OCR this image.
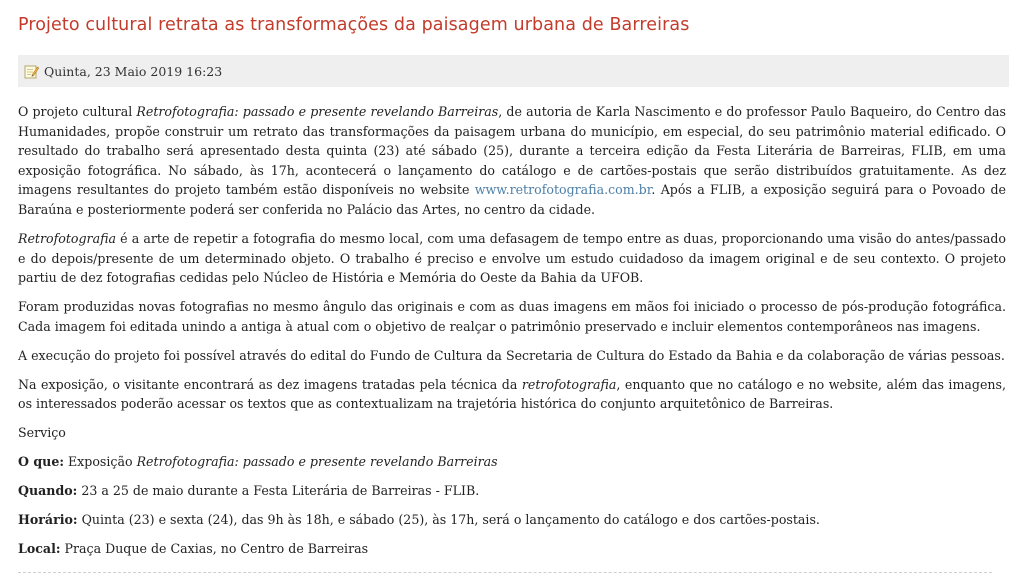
Projeto cultural retrata as transformações da paisagem urbana de Barreiras
Quinta, 23 Maio 2019 16:23

O projeto cultural Retrofotografia: passado e presente revelando Barreiras, de autoria de Karla Nascimento e do professor Paulo Baqueiro, do Centro das Humanidades, propõe construir um retrato das transformações da paisagem urbana do município, em especial, do seu patrimônio material edificado. O resultado do trabalho será apresentado desta quinta (23) até sábado (25), durante a terceira edição da Festa Literária de Barreiras, FLIB, em uma exposição fotográfica. No sábado, às 17h, acontecerá o lançamento do catálogo e de cartões-postais que serão distribuídos gratuitamente. As dez imagens resultantes do projeto também estão disponíveis no website www.retrofotografia.com.br. Após a FLIB, a exposição seguirá para o Povoado de Baraúna e posteriormente poderá ser conferida no Palácio das Artes, no centro da cidade.

Retrofotografia é a arte de repetir a fotografia do mesmo local, com uma defasagem de tempo entre as duas, proporcionando uma visão do antes/passado e do depois/presente de um determinado objeto. O trabalho é preciso e envolve um estudo cuidadoso da imagem original e de seu contexto. O projeto partiu de dez fotografias cedidas pelo Núcleo de História e Memória do Oeste da Bahia da UFOB.

Foram produzidas novas fotografias no mesmo ângulo das originais e com as duas imagens em mãos foi iniciado o processo de pós-produção fotográfica. Cada imagem foi editada unindo a antiga à atual com o objetivo de realçar o patrimônio preservado e incluir elementos contemporâneos nas imagens.

A execução do projeto foi possível através do edital do Fundo de Cultura da Secretaria de Cultura do Estado da Bahia e da colaboração de várias pessoas.

Na exposição, o visitante encontrará as dez imagens tratadas pela técnica da retrofotografia, enquanto que no catálogo e no website, além das imagens, os interessados poderão acessar os textos que as contextualizam na trajetória histórica do conjunto arquitetônico de Barreiras.

Serviço

O que: Exposição Retrofotografia: passado e presente revelando Barreiras

Quando: 23 a 25 de maio durante a Festa Literária de Barreiras - FLIB.

Horário: Quinta (23) e sexta (24), das 9h às 18h, e sábado (25), às 17h, será o lançamento do catálogo e dos cartões-postais.

Local: Praça Duque de Caxias, no Centro de Barreiras
